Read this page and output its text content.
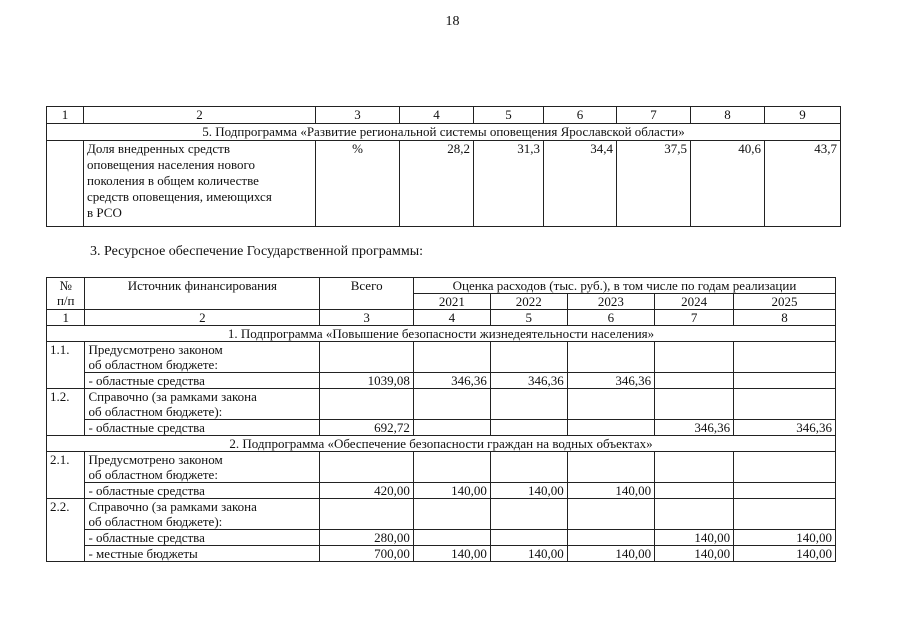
18
1	2	3	4	5	6	7	8	9
5. Подпрограмма «Развитие региональной системы оповещения Ярославской области»								

	Доля внедренных средств
оповещения населения нового
поколения в общем количестве
средств оповещения, имеющихся
в РСО	%	28,2	31,3	34,4	37,5	40,6	43,7
3. Ресурсное обеспечение Государственной программы:
№
п/п	Источник финансирования	Всего	Оценка расходов (тыс. руб.), в том числе по годам реализации				
			2021	2022	2023	2024	2025
1	2	3	4	5	6	7	8
1. Подпрограмма «Повышение безопасности жизнедеятельности населения»							
1.1.	Предусмотрено законом
об областном бюджете:						

	- областные средства	1039,08	346,36	346,36	346,36		
1.2.	Справочно (за рамками закона
об областном бюджете):						

	- областные средства	692,72				346,36	346,36
2. Подпрограмма «Обеспечение безопасности граждан на водных объектах»							
2.1.	Предусмотрено законом
об областном бюджете:						

	- областные средства	420,00	140,00	140,00	140,00		
2.2.	Справочно (за рамками закона
об областном бюджете):						

	- областные средства	280,00				140,00	140,00
	- местные бюджеты	700,00	140,00	140,00	140,00	140,00	140,00
